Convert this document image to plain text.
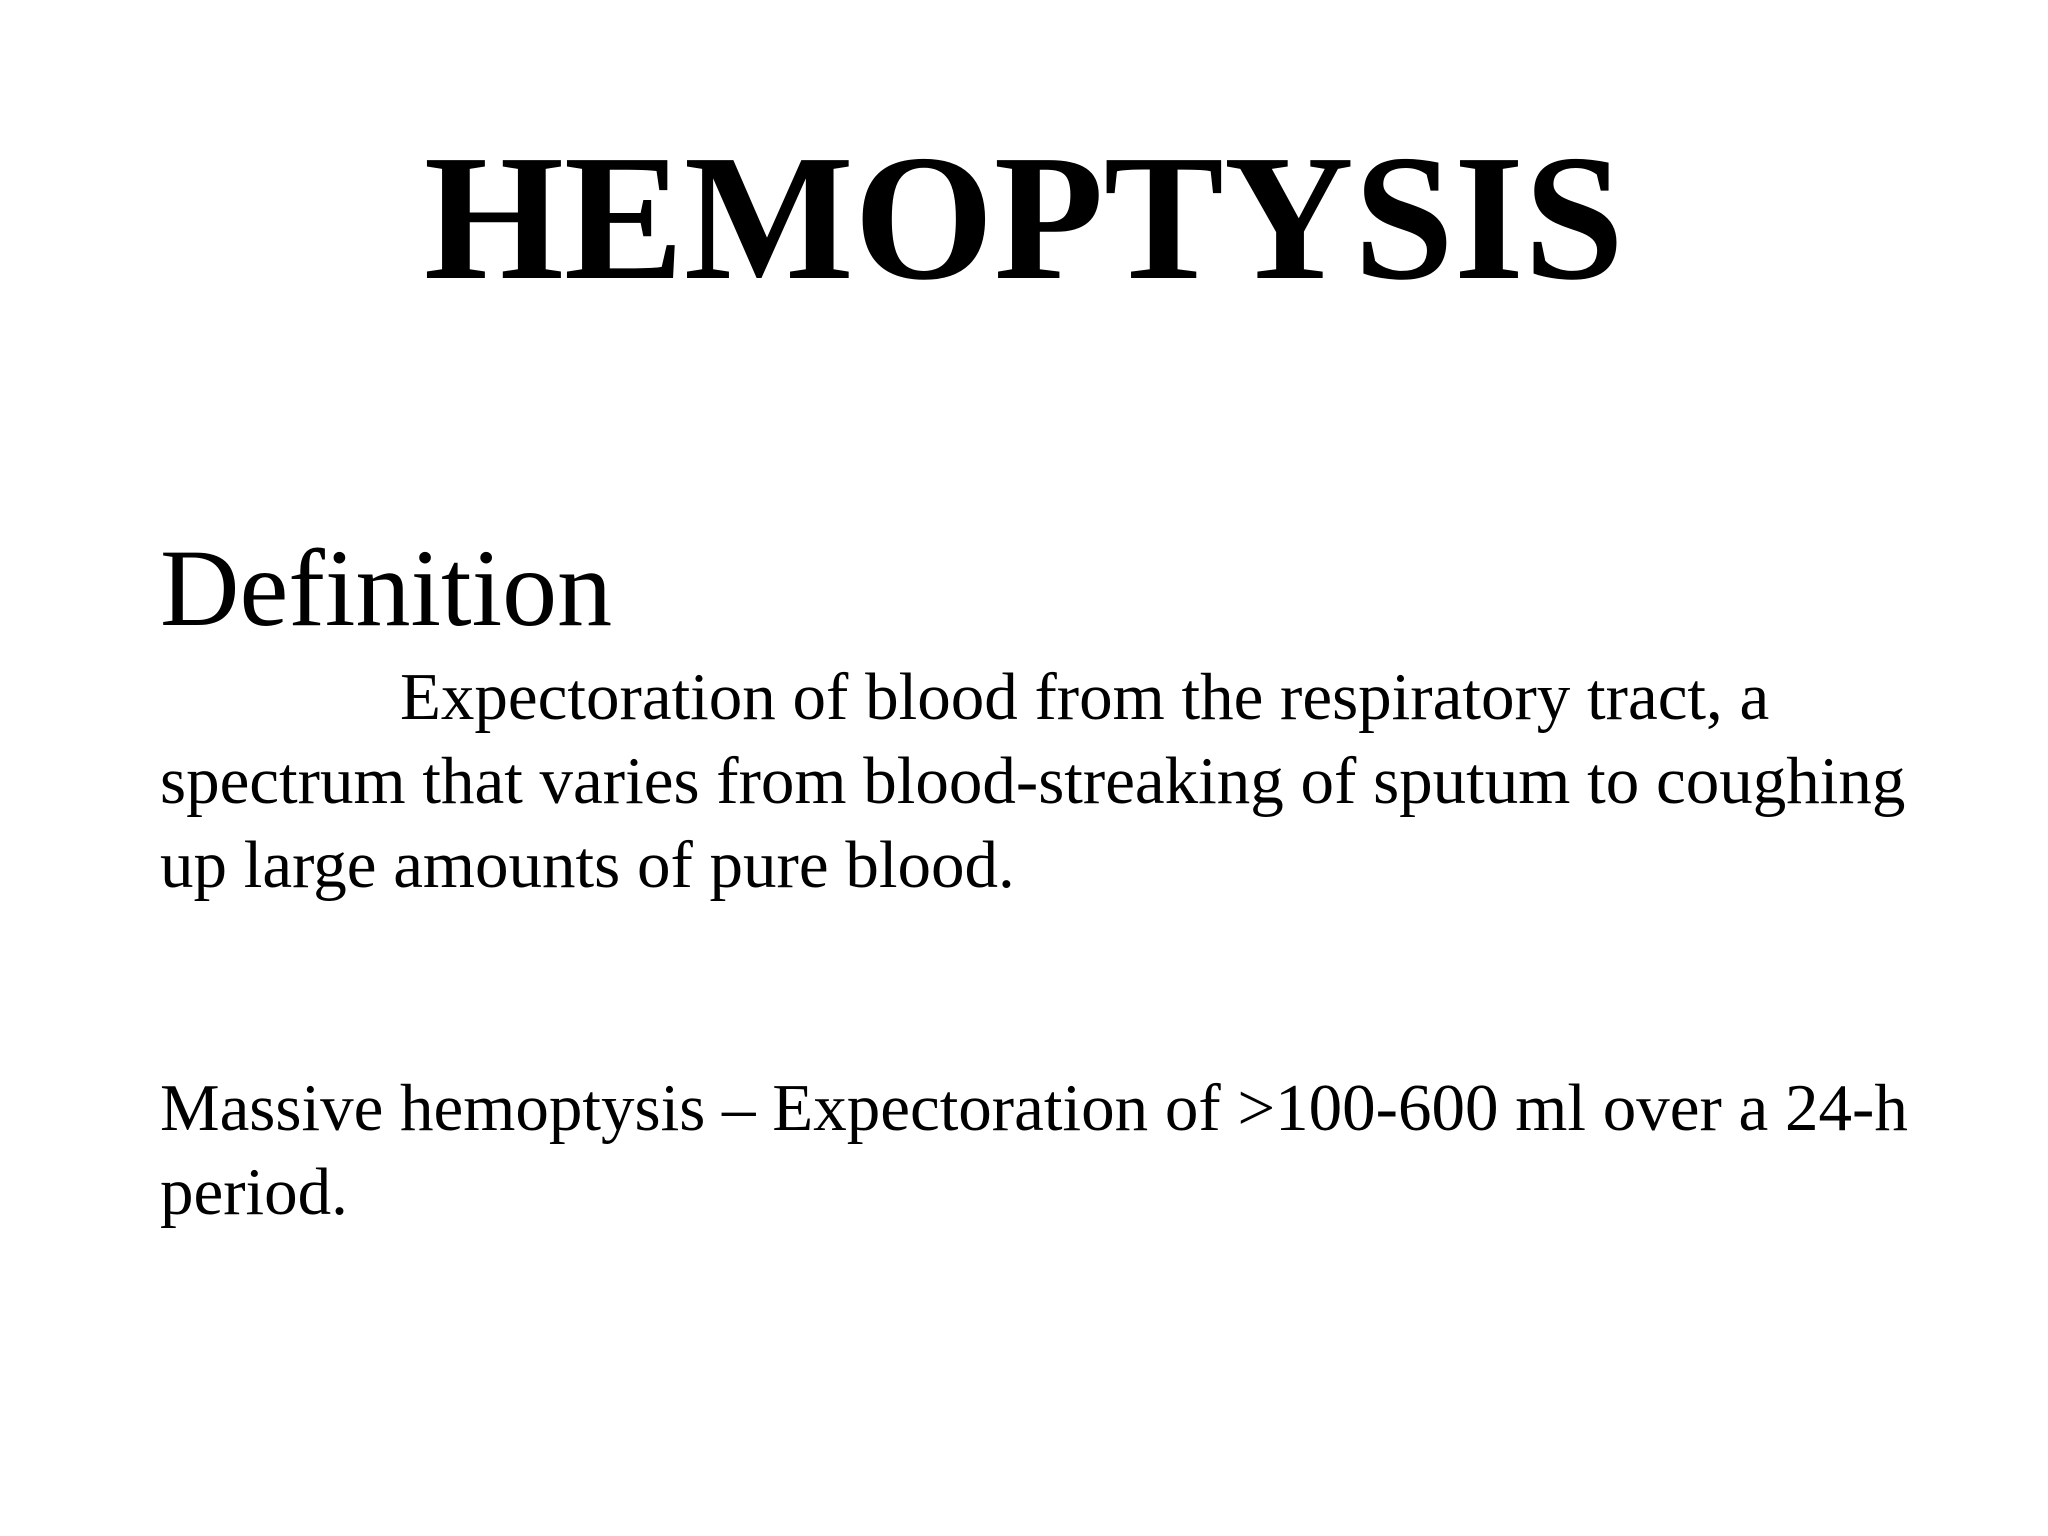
HEMOPTYSIS
Definition

Expectoration of blood from the respiratory tract, a spectrum that varies from blood-streaking of sputum to coughing up large amounts of pure blood.

Massive hemoptysis – Expectoration of >100-600 ml over a 24-h period.
